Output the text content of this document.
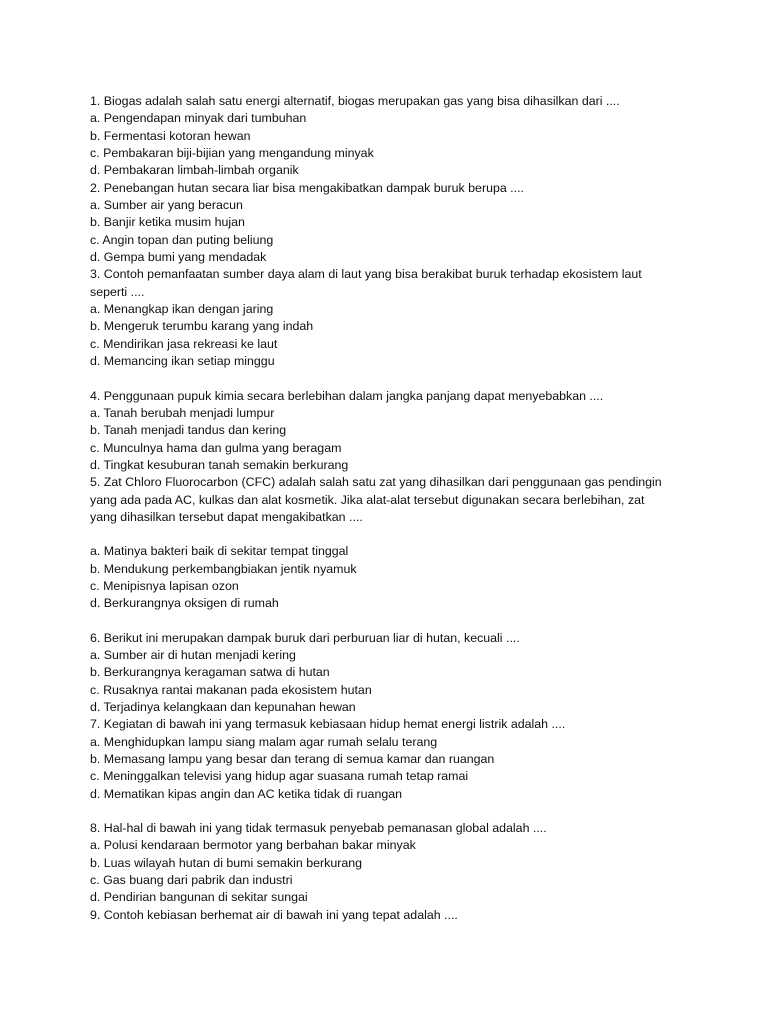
1. Biogas adalah salah satu energi alternatif, biogas merupakan gas yang bisa dihasilkan dari ....
a. Pengendapan minyak dari tumbuhan
b. Fermentasi kotoran hewan
c. Pembakaran biji-bijian yang mengandung minyak
d. Pembakaran limbah-limbah organik
2. Penebangan hutan secara liar bisa mengakibatkan dampak buruk berupa ....
a. Sumber air yang beracun
b. Banjir ketika musim hujan
c. Angin topan dan puting beliung
d. Gempa bumi yang mendadak
3. Contoh pemanfaatan sumber daya alam di laut yang bisa berakibat buruk terhadap ekosistem laut
seperti ....
a. Menangkap ikan dengan jaring
b. Mengeruk terumbu karang yang indah
c. Mendirikan jasa rekreasi ke laut
d. Memancing ikan setiap minggu
4. Penggunaan pupuk kimia secara berlebihan dalam jangka panjang dapat menyebabkan ....
a. Tanah berubah menjadi lumpur
b. Tanah menjadi tandus dan kering
c. Munculnya hama dan gulma yang beragam
d. Tingkat kesuburan tanah semakin berkurang
5. Zat Chloro Fluorocarbon (CFC) adalah salah satu zat yang dihasilkan dari penggunaan gas pendingin
yang ada pada AC, kulkas dan alat kosmetik. Jika alat-alat tersebut digunakan secara berlebihan, zat
yang dihasilkan tersebut dapat mengakibatkan ....
a. Matinya bakteri baik di sekitar tempat tinggal
b. Mendukung perkembangbiakan jentik nyamuk
c. Menipisnya lapisan ozon
d. Berkurangnya oksigen di rumah
6. Berikut ini merupakan dampak buruk dari perburuan liar di hutan, kecuali ....
a. Sumber air di hutan menjadi kering
b. Berkurangnya keragaman satwa di hutan
c. Rusaknya rantai makanan pada ekosistem hutan
d. Terjadinya kelangkaan dan kepunahan hewan
7. Kegiatan di bawah ini yang termasuk kebiasaan hidup hemat energi listrik adalah ....
a. Menghidupkan lampu siang malam agar rumah selalu terang
b. Memasang lampu yang besar dan terang di semua kamar dan ruangan
c. Meninggalkan televisi yang hidup agar suasana rumah tetap ramai
d. Mematikan kipas angin dan AC ketika tidak di ruangan
8. Hal-hal di bawah ini yang tidak termasuk penyebab pemanasan global adalah ....
a. Polusi kendaraan bermotor yang berbahan bakar minyak
b. Luas wilayah hutan di bumi semakin berkurang
c. Gas buang dari pabrik dan industri
d. Pendirian bangunan di sekitar sungai
9. Contoh kebiasan berhemat air di bawah ini yang tepat adalah ....
